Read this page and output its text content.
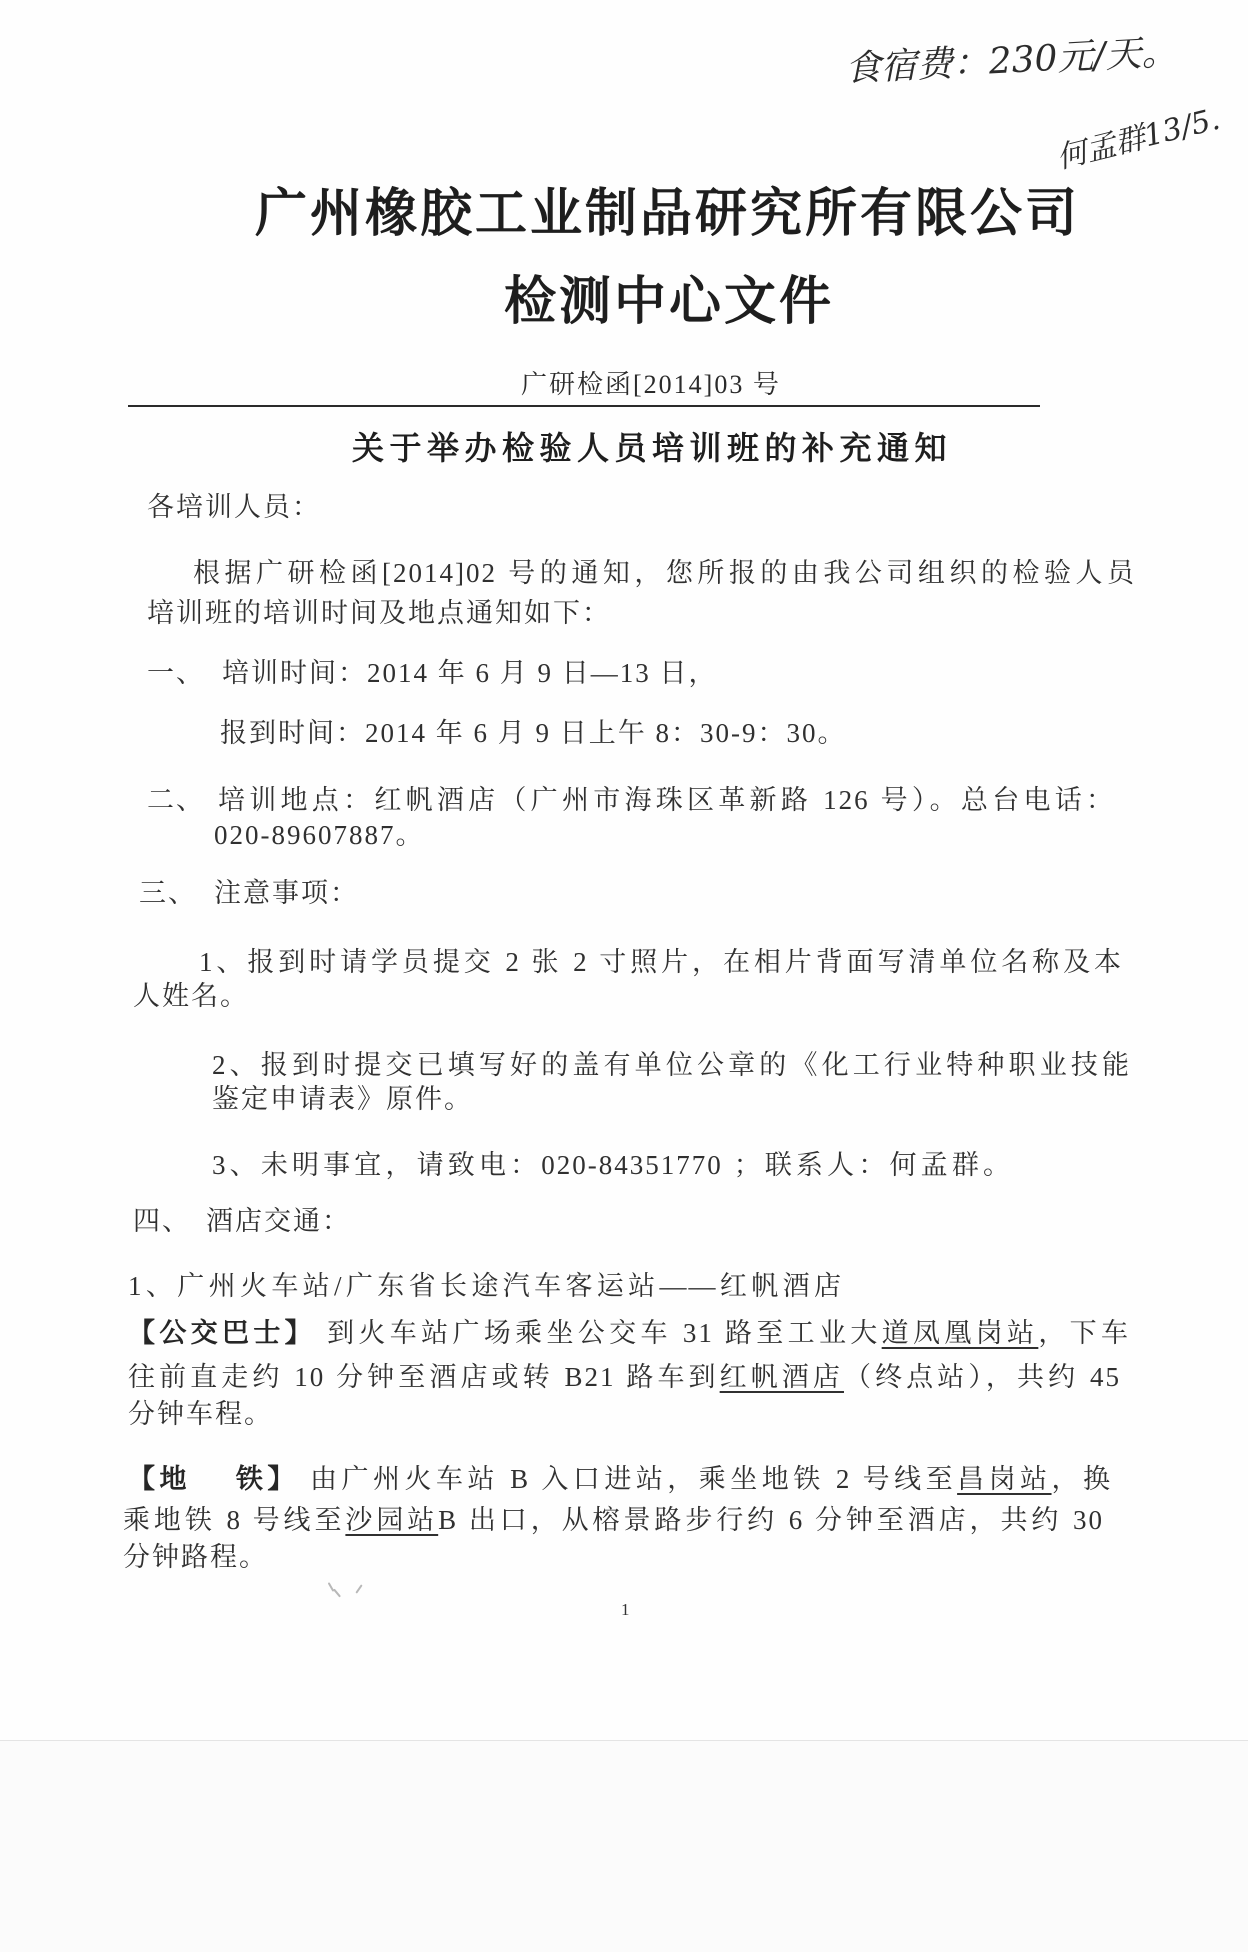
食宿费：230元/天。
何孟群13/5.
广州橡胶工业制品研究所有限公司
检测中心文件
广研检函[2014]03 号
关于举办检验人员培训班的补充通知
各培训人员：
根据广研检函[2014]02 号的通知，您所报的由我公司组织的检验人员
培训班的培训时间及地点通知如下：
一、 培训时间：2014 年 6 月 9 日—13 日，
报到时间：2014 年 6 月 9 日上午 8：30-9：30。
二、 培训地点：红帆酒店（广州市海珠区革新路 126 号）。总台电话：
020-89607887。
三、 注意事项：
1、报到时请学员提交 2 张 2 寸照片，在相片背面写清单位名称及本
人姓名。
2、报到时提交已填写好的盖有单位公章的《化工行业特种职业技能
鉴定申请表》原件。
3、未明事宜，请致电：020-84351770 ；联系人：何孟群。
四、 酒店交通：
1、广州火车站/广东省长途汽车客运站——红帆酒店
【公交巴士】 到火车站广场乘坐公交车 31 路至工业大道凤凰岗站，下车
往前直走约 10 分钟至酒店或转 B21 路车到红帆酒店（终点站），共约 45
分钟车程。
【地    铁】 由广州火车站 B 入口进站，乘坐地铁 2 号线至昌岗站，换
乘地铁 8 号线至沙园站B 出口，从榕景路步行约 6 分钟至酒店，共约 30
分钟路程。
1
